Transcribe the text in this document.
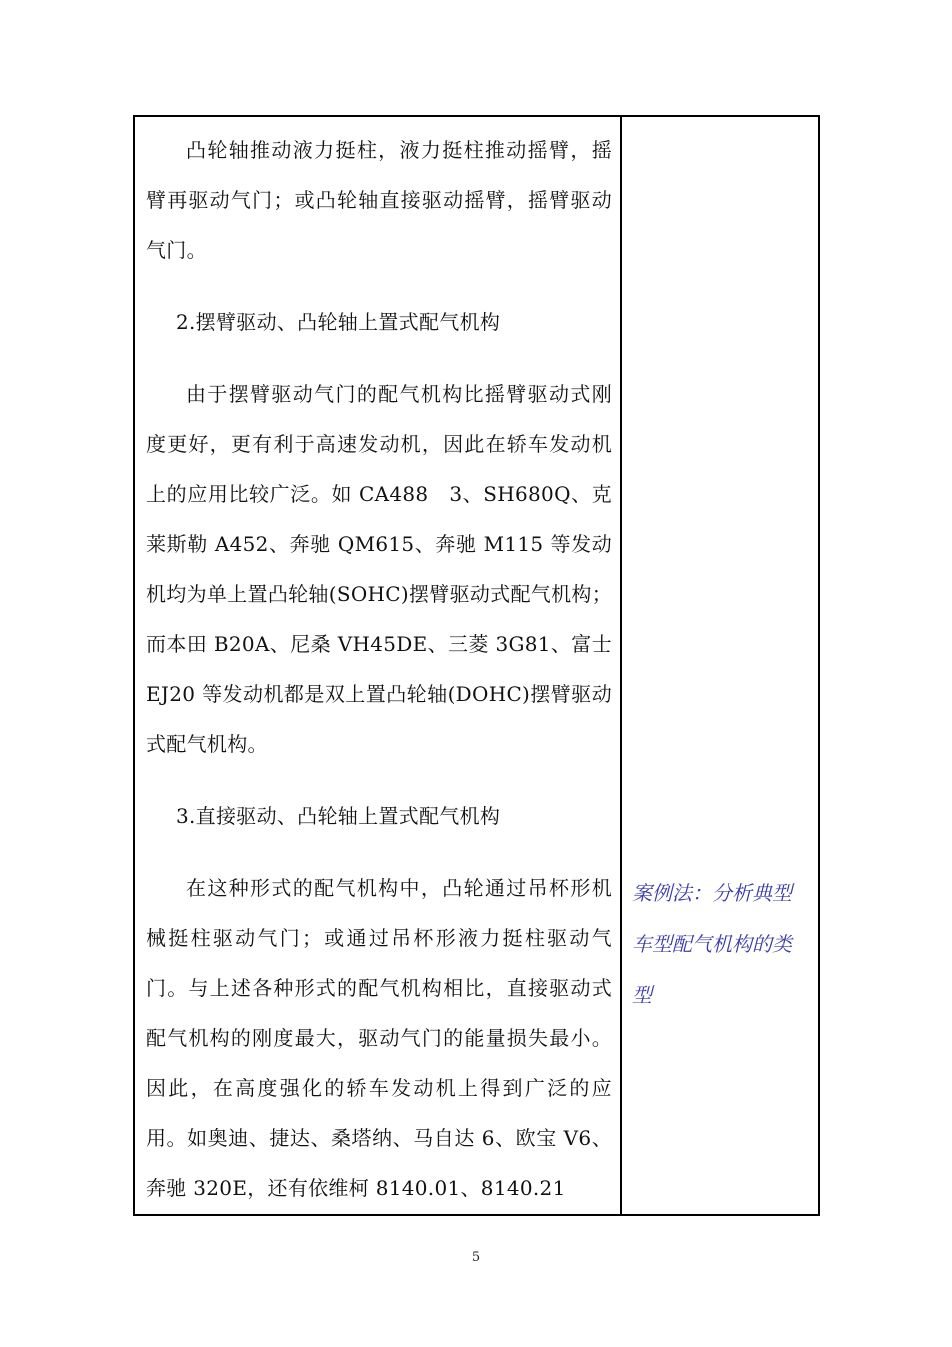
凸轮轴推动液力挺柱，液力挺柱推动摇臂，摇臂再驱动气门；或凸轮轴直接驱动摇臂，摇臂驱动气门。

2.摆臂驱动、凸轮轴上置式配气机构

由于摆臂驱动气门的配气机构比摇臂驱动式刚度更好，更有利于高速发动机，因此在轿车发动机上的应用比较广泛。如 CA488　3、SH680Q、克莱斯勒 A452、奔驰 QM615、奔驰 M115 等发动机均为单上置凸轮轴(SOHC)摆臂驱动式配气机构；而本田 B20A、尼桑 VH45DE、三菱 3G81、富士 EJ20 等发动机都是双上置凸轮轴(DOHC)摆臂驱动式配气机构。

3.直接驱动、凸轮轴上置式配气机构

在这种形式的配气机构中，凸轮通过吊杯形机械挺柱驱动气门；或通过吊杯形液力挺柱驱动气门。与上述各种形式的配气机构相比，直接驱动式配气机构的刚度最大，驱动气门的能量损失最小。因此，在高度强化的轿车发动机上得到广泛的应用。如奥迪、捷达、桑塔纳、马自达 6、欧宝 V6、奔驰 320E，还有依维柯 8140.01、8140.21

案例法：分析典型车型配气机构的类型

5
